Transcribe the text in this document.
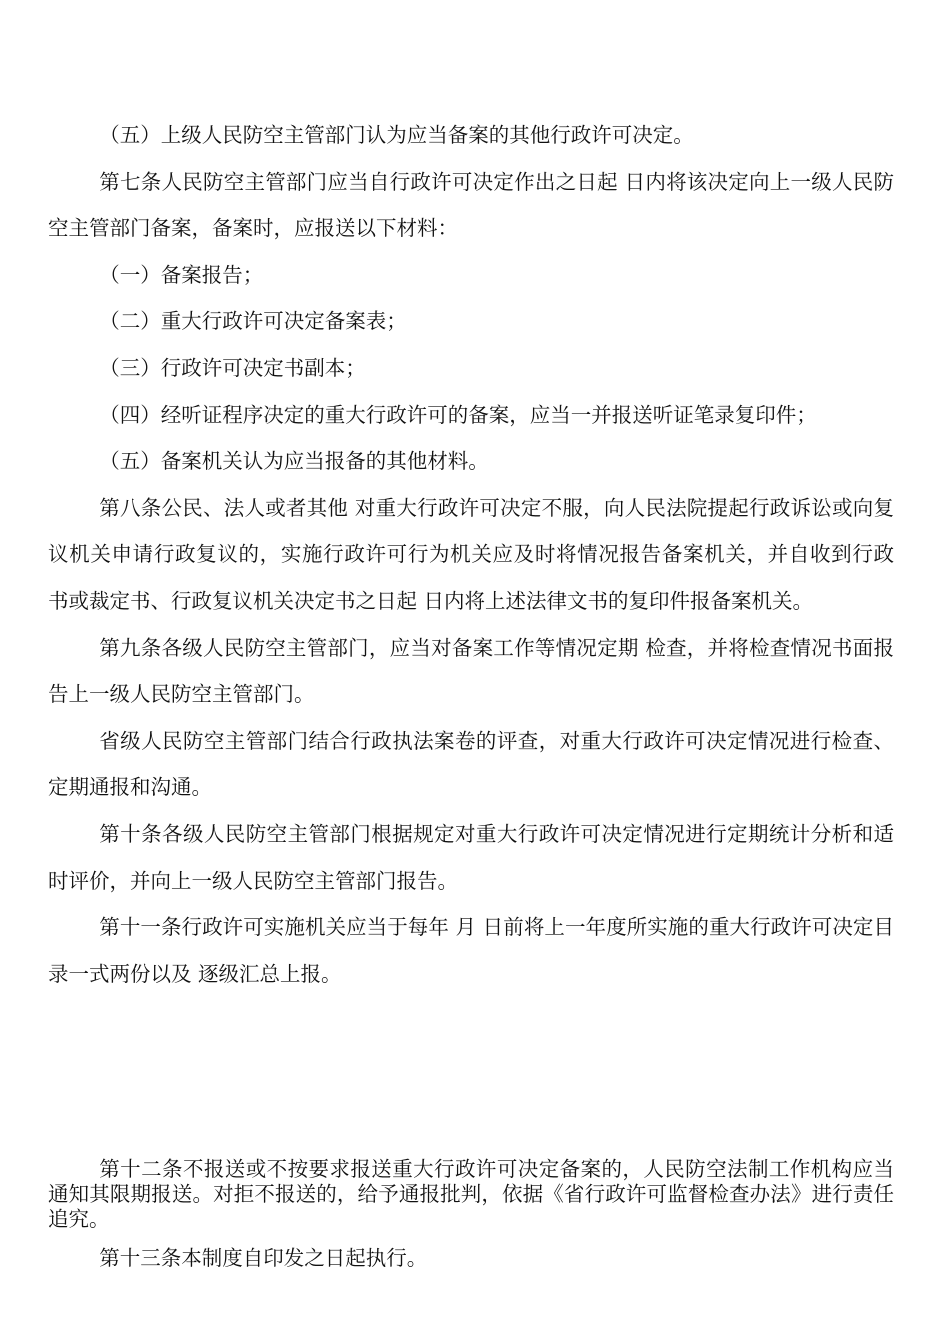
（五）上级人民防空主管部门认为应当备案的其他行政许可决定。

第七条人民防空主管部门应当自行政许可决定作出之日起 日内将该决定向上一级人民防空主管部门备案，备案时，应报送以下材料：

（一）备案报告；

（二）重大行政许可决定备案表；

（三）行政许可决定书副本；

（四）经听证程序决定的重大行政许可的备案，应当一并报送听证笔录复印件；

（五）备案机关认为应当报备的其他材料。

第八条公民、法人或者其他 对重大行政许可决定不服，向人民法院提起行政诉讼或向复议机关申请行政复议的，实施行政许可行为机关应及时将情况报告备案机关，并自收到行政 书或裁定书、行政复议机关决定书之日起 日内将上述法律文书的复印件报备案机关。

第九条各级人民防空主管部门，应当对备案工作等情况定期 检查，并将检查情况书面报告上一级人民防空主管部门。

省级人民防空主管部门结合行政执法案卷的评查，对重大行政许可决定情况进行检查、定期通报和沟通。

第十条各级人民防空主管部门根据规定对重大行政许可决定情况进行定期统计分析和适时评价，并向上一级人民防空主管部门报告。

第十一条行政许可实施机关应当于每年 月 日前将上一年度所实施的重大行政许可决定目录一式两份以及 逐级汇总上报。

第十二条不报送或不按要求报送重大行政许可决定备案的，人民防空法制工作机构应当通知其限期报送。对拒不报送的，给予通报批判，依据《省行政许可监督检查办法》进行责任追究。

第十三条本制度自印发之日起执行。
